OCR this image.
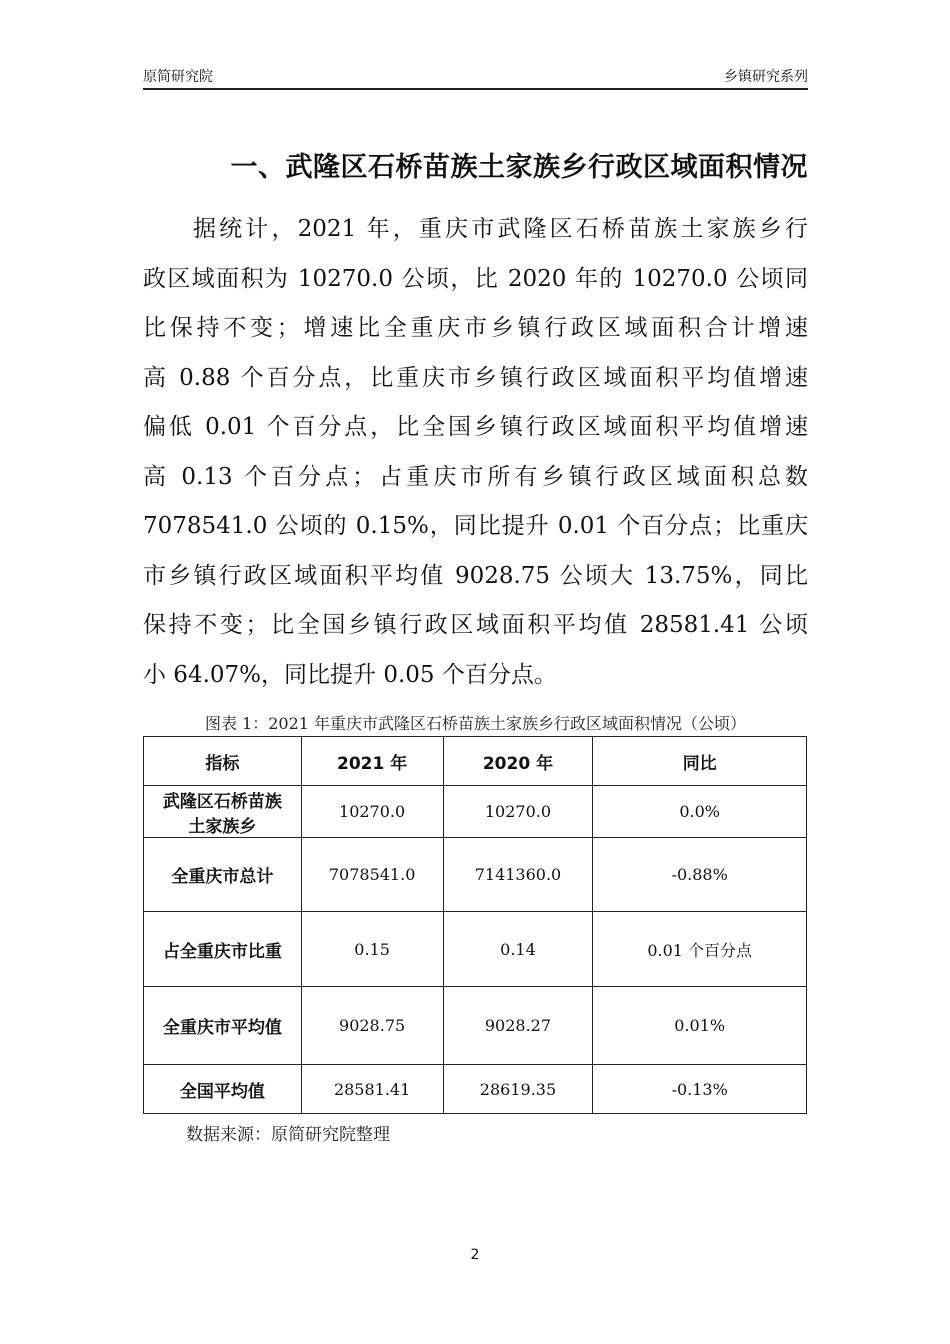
原简研究院	乡镇研究系列
一、武隆区石桥苗族土家族乡行政区域面积情况

据统计，2021 年，重庆市武隆区石桥苗族土家族乡行
政区域面积为 10270.0 公顷，比 2020 年的 10270.0 公顷同
比保持不变；增速比全重庆市乡镇行政区域面积合计增速
高 0.88 个百分点，比重庆市乡镇行政区域面积平均值增速
偏低 0.01 个百分点，比全国乡镇行政区域面积平均值增速
高 0.13 个百分点；占重庆市所有乡镇行政区域面积总数
7078541.0 公顷的 0.15%，同比提升 0.01 个百分点；比重庆
市乡镇行政区域面积平均值 9028.75 公顷大 13.75%，同比
保持不变；比全国乡镇行政区域面积平均值 28581.41 公顷
小 64.07%，同比提升 0.05 个百分点。

图表 1：2021 年重庆市武隆区石桥苗族土家族乡行政区域面积情况（公顷）
指标	2021 年	2020 年	同比
武隆区石桥苗族土家族乡	10270.0	10270.0	0.0%
全重庆市总计	7078541.0	7141360.0	-0.88%
占全重庆市比重	0.15	0.14	0.01 个百分点
全重庆市平均值	9028.75	9028.27	0.01%
全国平均值	28581.41	28619.35	-0.13%
数据来源：原简研究院整理
2
